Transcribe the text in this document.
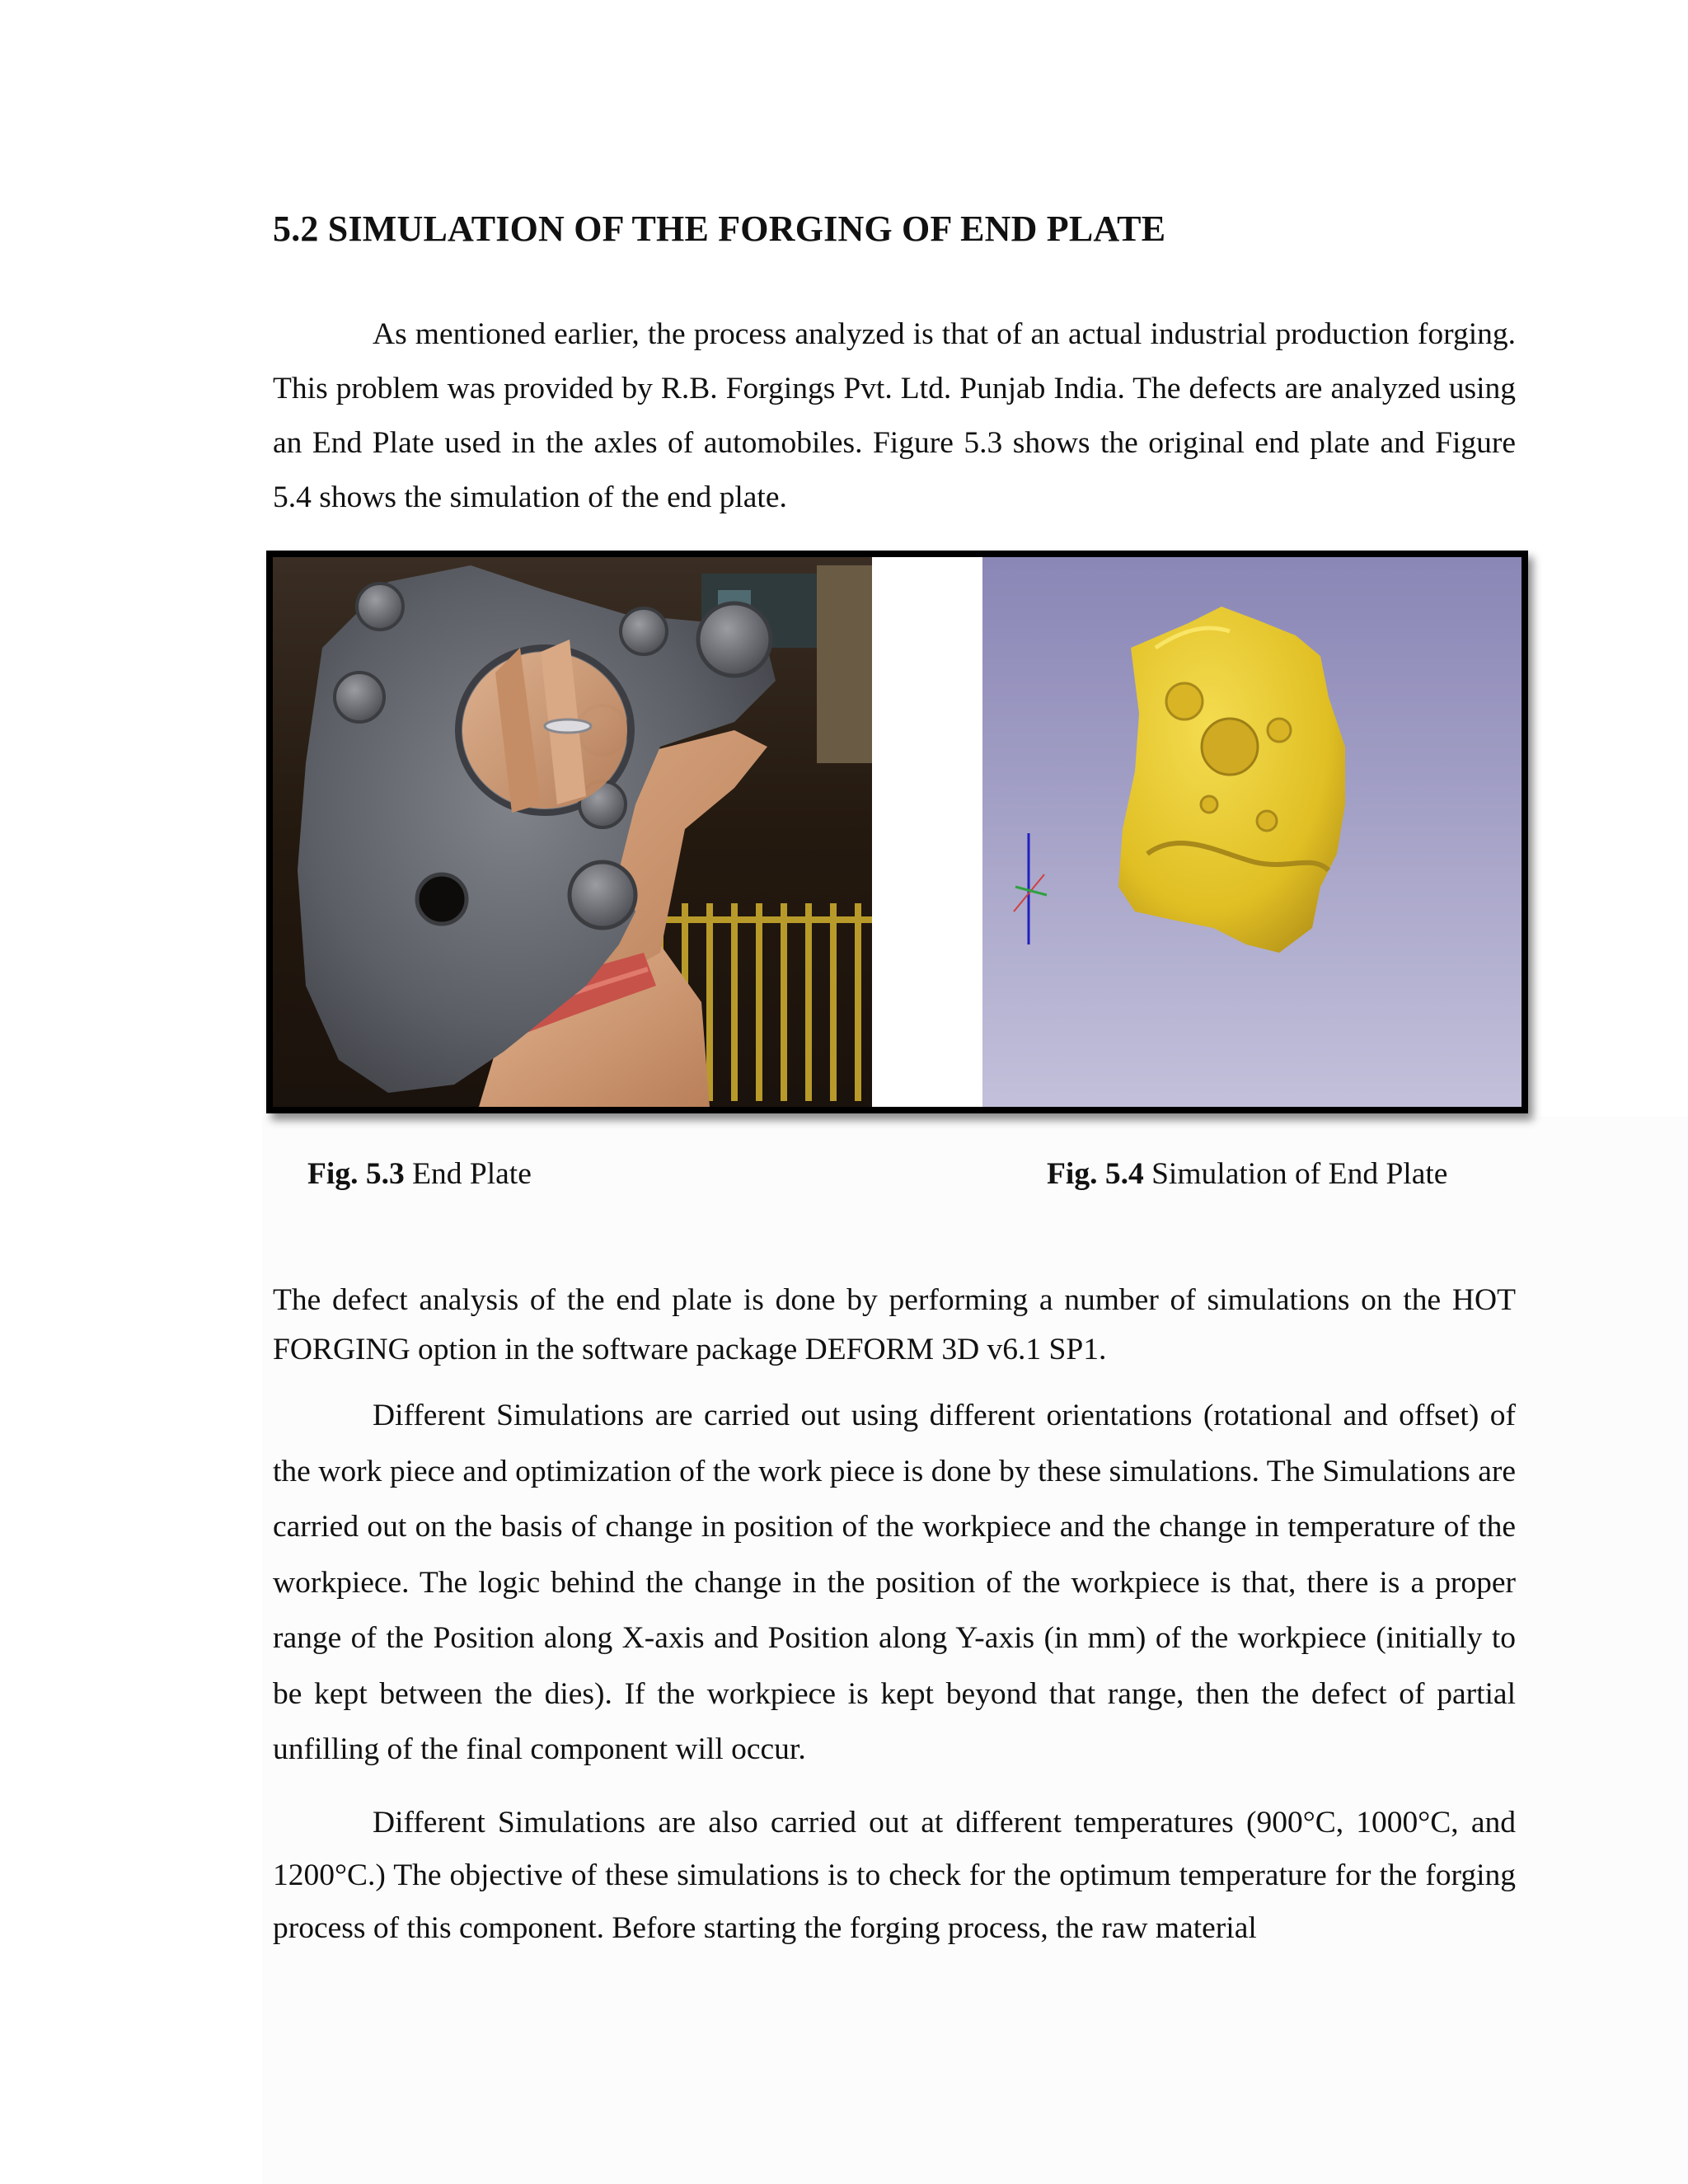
5.2 SIMULATION OF THE FORGING OF END PLATE

As mentioned earlier, the process analyzed is that of an actual industrial production forging. This problem was provided by R.B. Forgings Pvt. Ltd. Punjab India. The defects are analyzed using an End Plate used in the axles of automobiles. Figure 5.3 shows the original end plate and Figure 5.4 shows the simulation of the end plate.

Fig. 5.3 End Plate	Fig. 5.4 Simulation of End Plate

The defect analysis of the end plate is done by performing a number of simulations on the HOT FORGING option in the software package DEFORM 3D v6.1 SP1.

Different Simulations are carried out using different orientations (rotational and offset) of the work piece and optimization of the work piece is done by these simulations. The Simulations are carried out on the basis of change in position of the workpiece and the change in temperature of the workpiece. The logic behind the change in the position of the workpiece is that, there is a proper range of the Position along X-axis and Position along Y-axis (in mm) of the workpiece (initially to be kept between the dies). If the workpiece is kept beyond that range, then the defect of partial unfilling of the final component will occur.

Different Simulations are also carried out at different temperatures (900°C, 1000°C, and 1200°C.) The objective of these simulations is to check for the optimum temperature for the forging process of this component. Before starting the forging process, the raw material
